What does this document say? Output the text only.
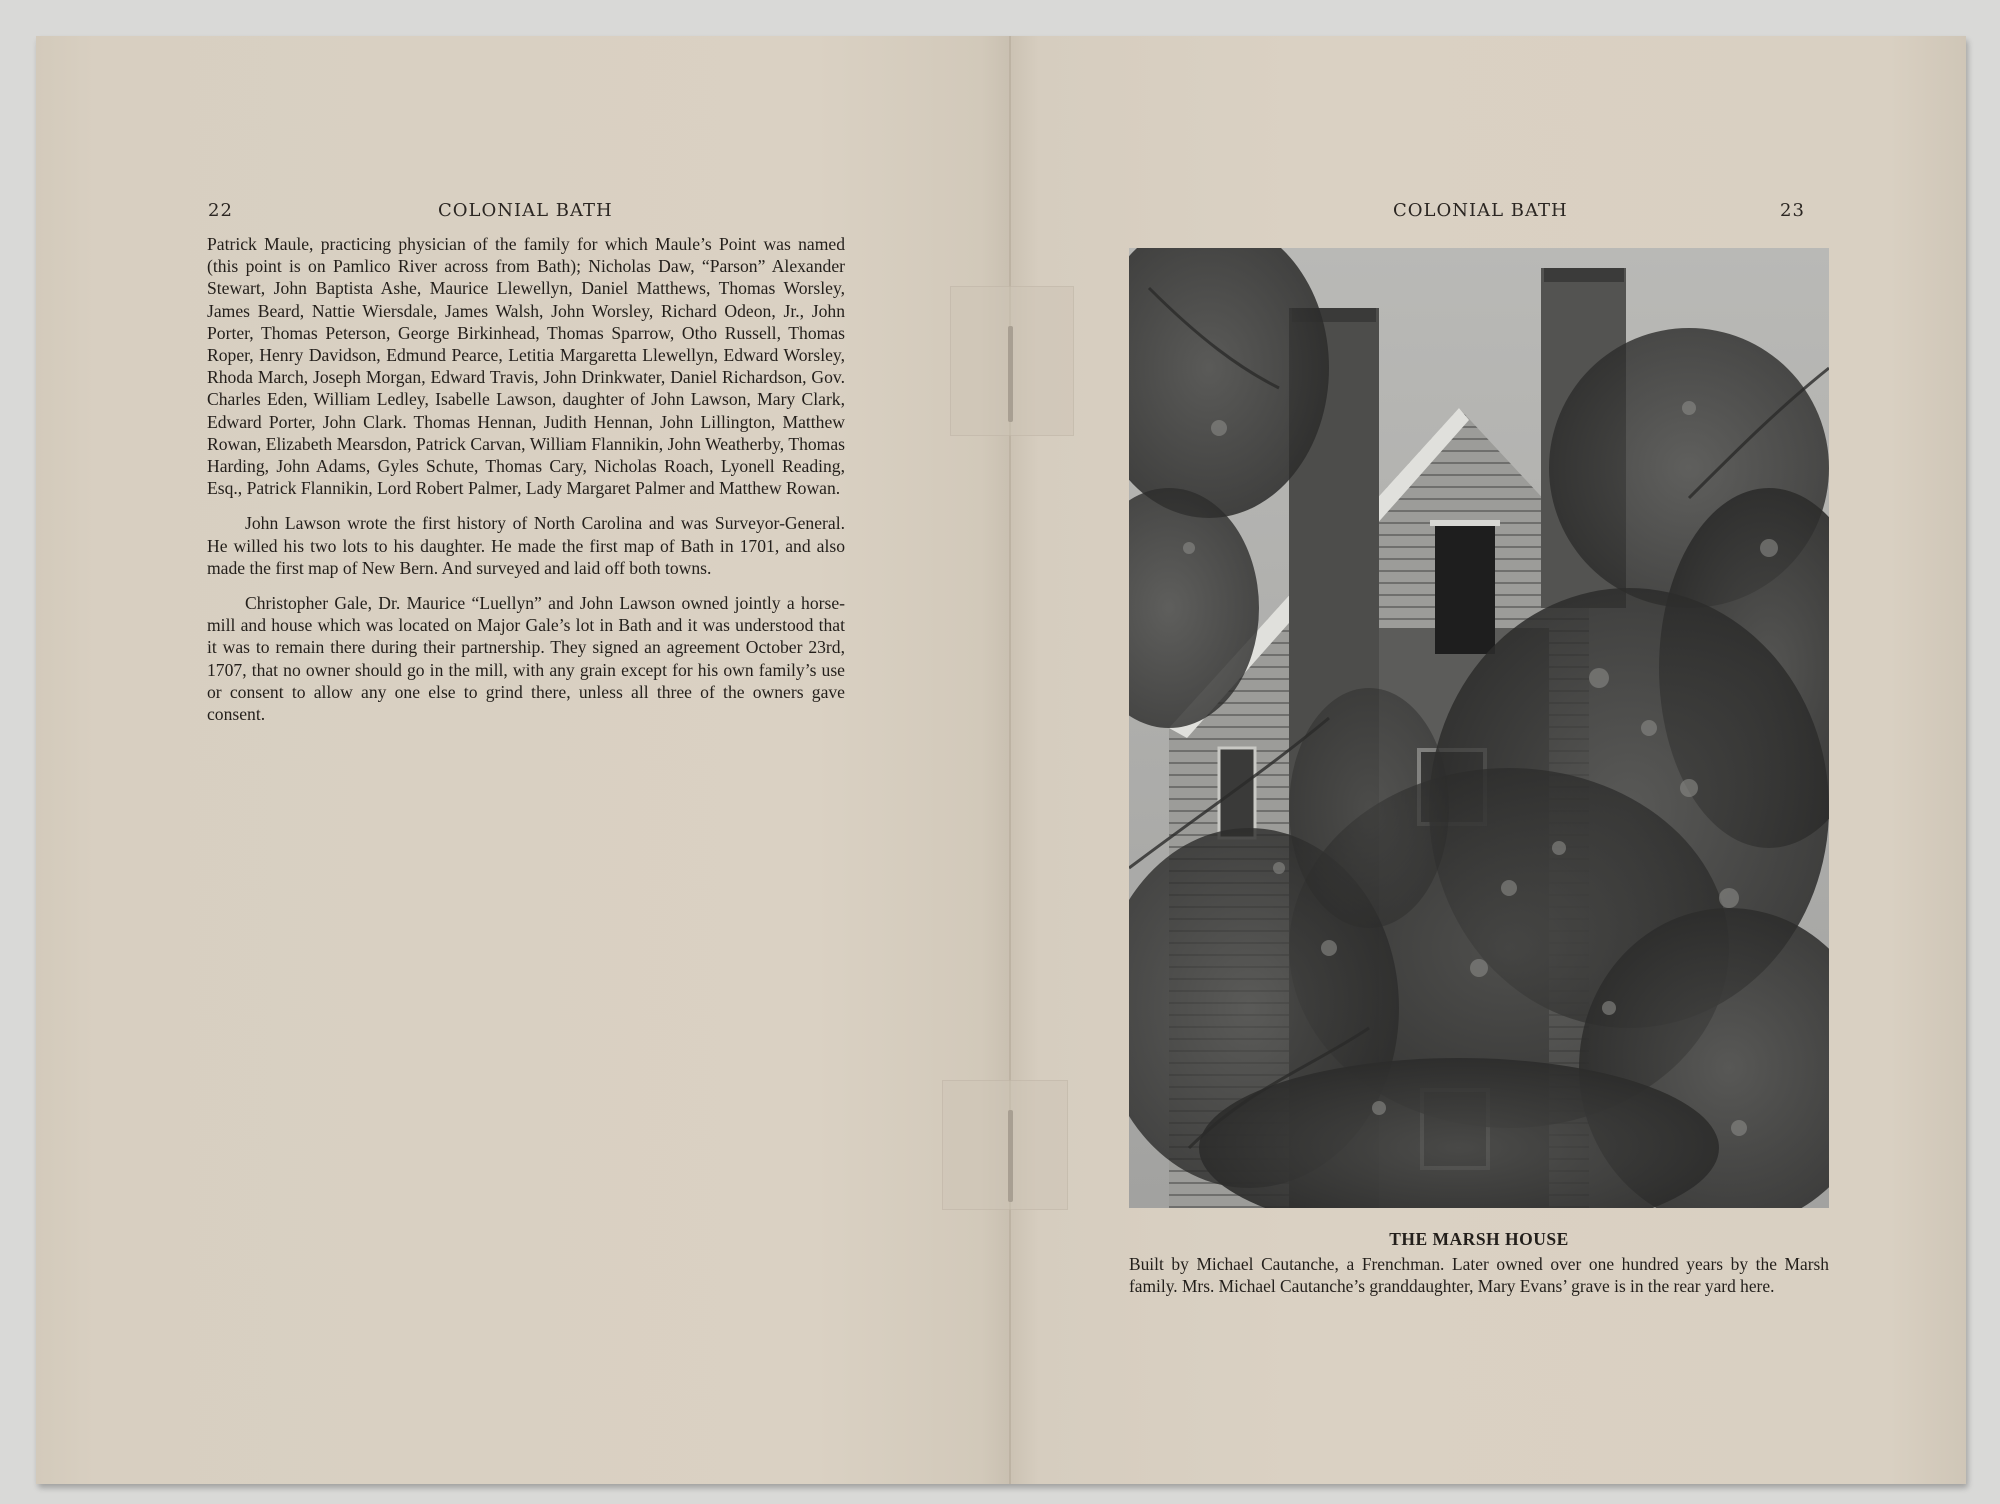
22	COLONIAL BATH

Patrick Maule, practicing physician of the family for which Maule’s Point was named (this point is on Pamlico River across from Bath); Nicholas Daw, “Parson” Alexander Stewart, John Baptista Ashe, Maurice Llewellyn, Daniel Matthews, Thomas Worsley, James Beard, Nattie Wiersdale, James Walsh, John Worsley, Richard Odeon, Jr., John Porter, Thomas Peterson, George Birkinhead, Thomas Sparrow, Otho Russell, Thomas Roper, Henry Davidson, Edmund Pearce, Letitia Margaretta Llewellyn, Edward Worsley, Rhoda March, Joseph Morgan, Edward Travis, John Drinkwater, Daniel Richardson, Gov. Charles Eden, William Ledley, Isabelle Lawson, daughter of John Lawson, Mary Clark, Edward Porter, John Clark. Thomas Hennan, Judith Hennan, John Lillington, Matthew Rowan, Elizabeth Mearsdon, Patrick Carvan, William Flannikin, John Weatherby, Thomas Harding, John Adams, Gyles Schute, Thomas Cary, Nicholas Roach, Lyonell Reading, Esq., Patrick Flannikin, Lord Robert Palmer, Lady Margaret Palmer and Matthew Rowan.

John Lawson wrote the first history of North Carolina and was Surveyor-General. He willed his two lots to his daughter. He made the first map of Bath in 1701, and also made the first map of New Bern. And surveyed and laid off both towns.

Christopher Gale, Dr. Maurice “Luellyn” and John Lawson owned jointly a horse-mill and house which was located on Major Gale’s lot in Bath and it was understood that it was to remain there during their partnership. They signed an agreement October 23rd, 1707, that no owner should go in the mill, with any grain except for his own family’s use or consent to allow any one else to grind there, unless all three of the owners gave consent.

COLONIAL BATH	23
THE MARSH HOUSE
Built by Michael Cautanche, a Frenchman. Later owned over one hundred years by the Marsh family. Mrs. Michael Cautanche’s granddaughter, Mary Evans’ grave is in the rear yard here.
